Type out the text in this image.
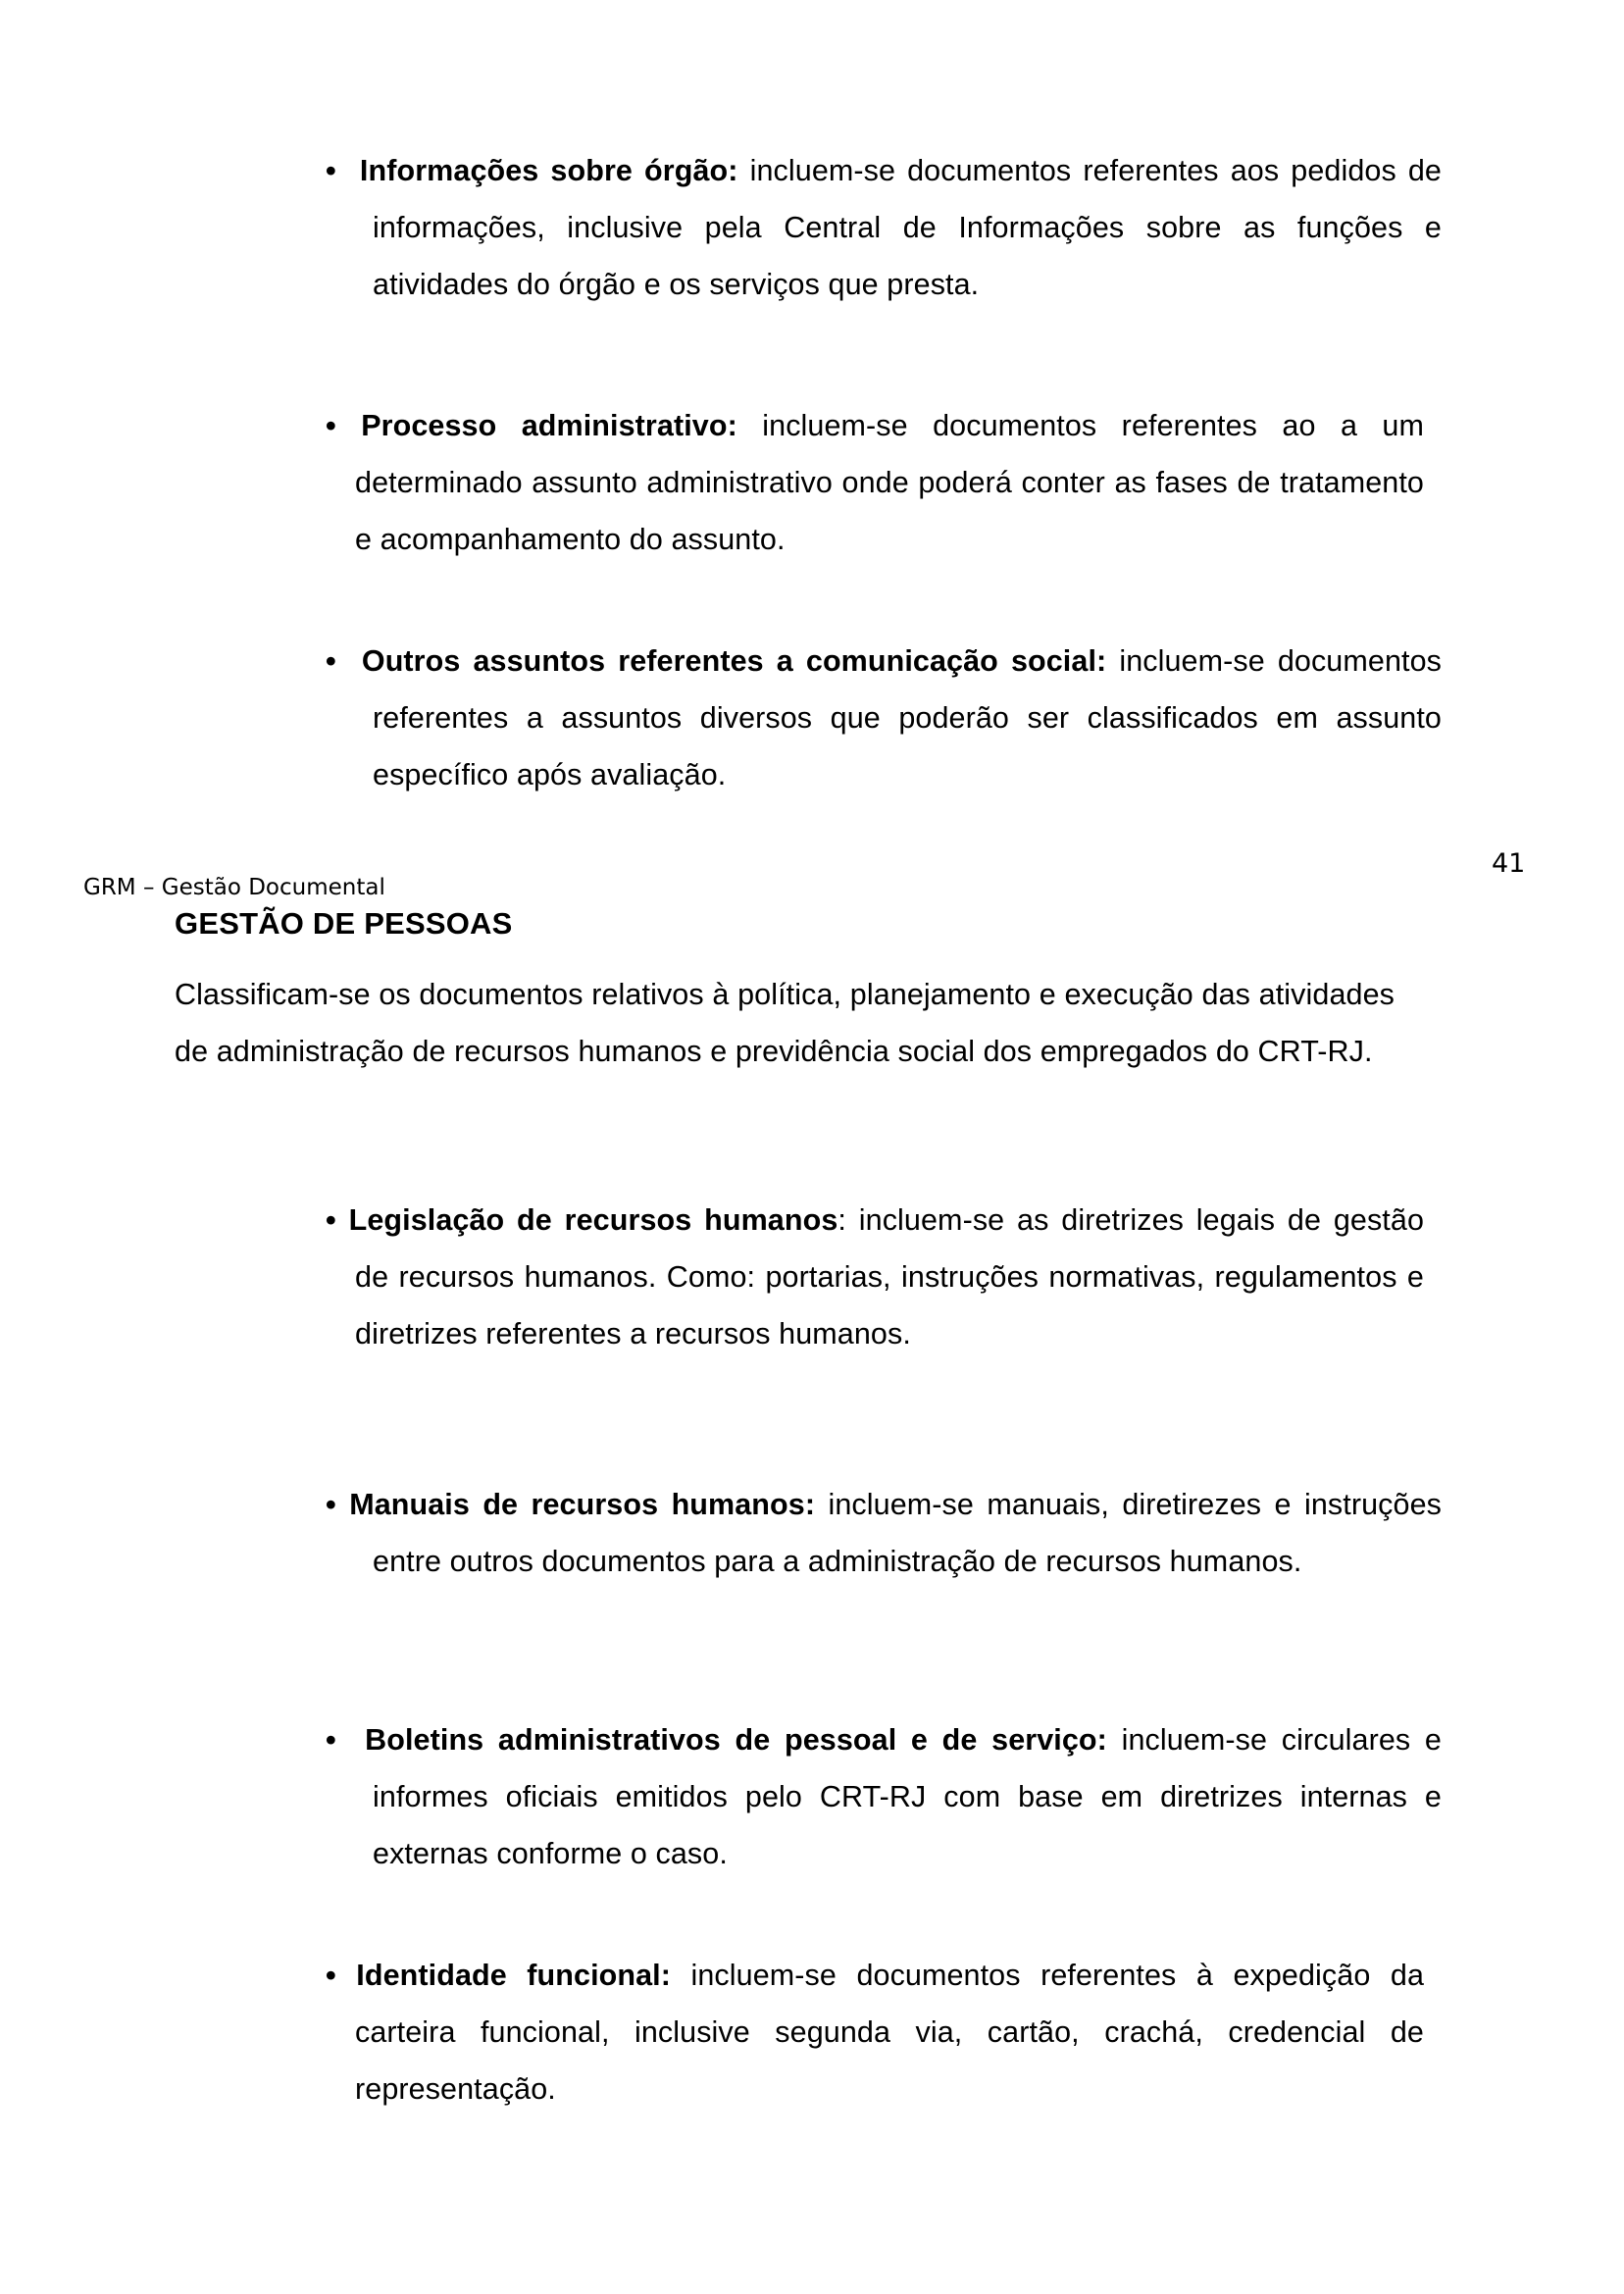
• Informações sobre órgão: incluem-se documentos referentes aos pedidos de informações, inclusive pela Central de Informações sobre as funções e atividades do órgão e os serviços que presta.
• Processo administrativo: incluem-se documentos referentes ao a um determinado assunto administrativo onde poderá conter as fases de tratamento e acompanhamento do assunto.
• Outros assuntos referentes a comunicação social: incluem-se documentos referentes a assuntos diversos que poderão ser classificados em assunto específico após avaliação.
41
GRM – Gestão Documental
GESTÃO DE PESSOAS
Classificam-se os documentos relativos à política, planejamento e execução das atividades de administração de recursos humanos e previdência social dos empregados do CRT-RJ.
• Legislação de recursos humanos: incluem-se as diretrizes legais de gestão de recursos humanos. Como: portarias, instruções normativas, regulamentos e diretrizes referentes a recursos humanos.
• Manuais de recursos humanos: incluem-se manuais, diretirezes e instruções entre outros documentos para a administração de recursos humanos.
• Boletins administrativos de pessoal e de serviço: incluem-se circulares e informes oficiais emitidos pelo CRT-RJ com base em diretrizes internas e externas conforme o caso.
• Identidade funcional: incluem-se documentos referentes à expedição da carteira funcional, inclusive segunda via, cartão, crachá, credencial de representação.
